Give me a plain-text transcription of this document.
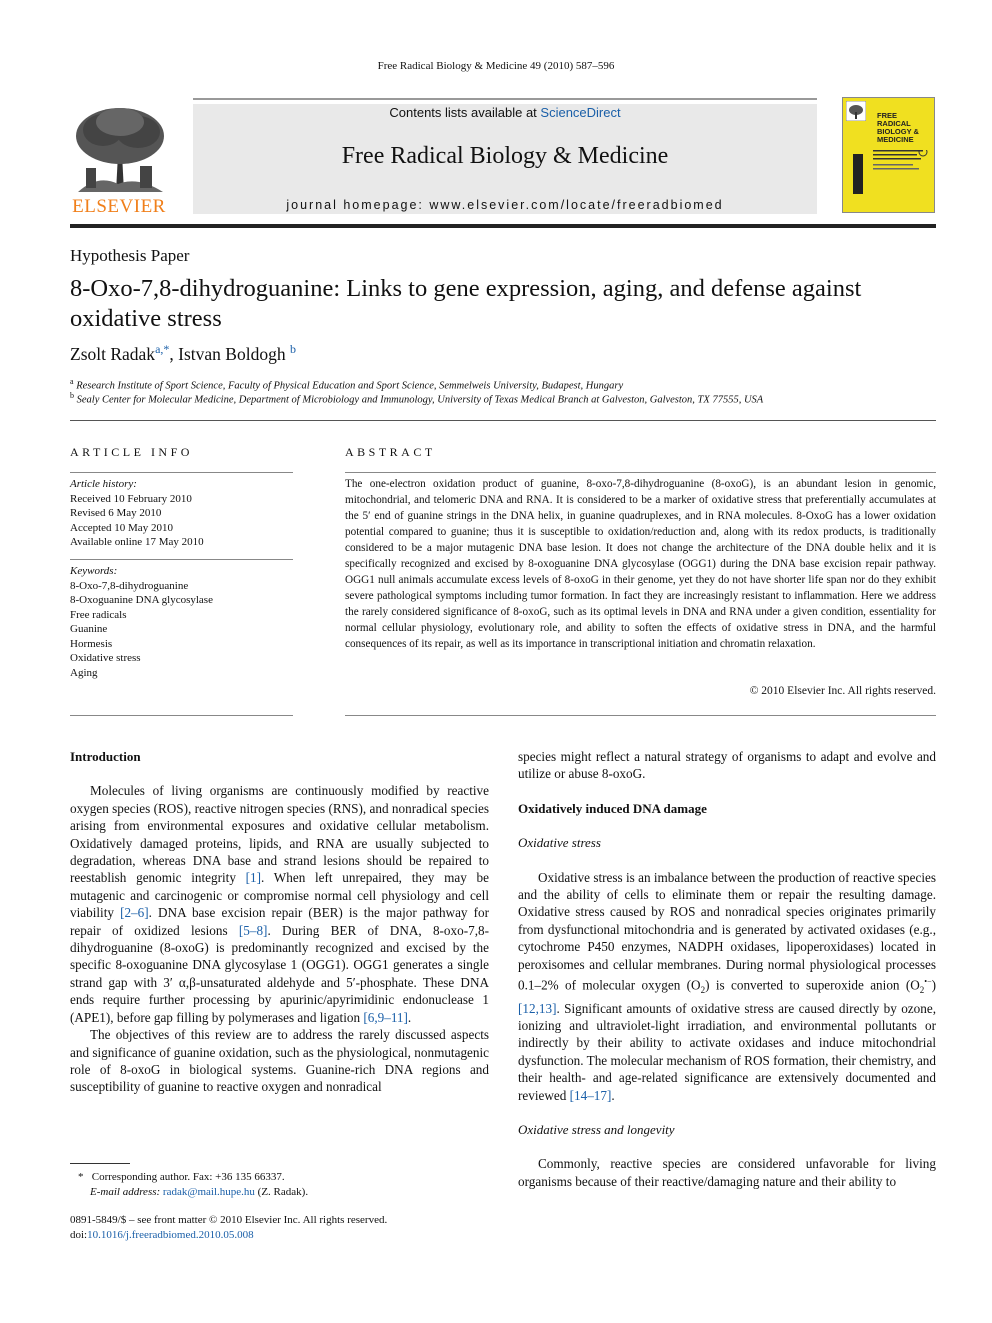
Free Radical Biology & Medicine 49 (2010) 587–596
ELSEVIER
Contents lists available at ScienceDirect
Free Radical Biology & Medicine
journal homepage: www.elsevier.com/locate/freeradbiomed
FREE
RADICAL
BIOLOGY &
MEDICINE
Hypothesis Paper
8-Oxo-7,8-dihydroguanine: Links to gene expression, aging, and defense against oxidative stress
Zsolt Radak$^{a,*}$, Istvan Boldogh $^b$
$^a$ Research Institute of Sport Science, Faculty of Physical Education and Sport Science, Semmelweis University, Budapest, Hungary
$^b$ Sealy Center for Molecular Medicine, Department of Microbiology and Immunology, University of Texas Medical Branch at Galveston, Galveston, TX 77555, USA
ARTICLE INFO
Article history:
Received 10 February 2010
Revised 6 May 2010
Accepted 10 May 2010
Available online 17 May 2010
Keywords:
8-Oxo-7,8-dihydroguanine
8-Oxoguanine DNA glycosylase
Free radicals
Guanine
Hormesis
Oxidative stress
Aging
ABSTRACT
The one-electron oxidation product of guanine, 8-oxo-7,8-dihydroguanine (8-oxoG), is an abundant lesion in genomic, mitochondrial, and telomeric DNA and RNA. It is considered to be a marker of oxidative stress that preferentially accumulates at the 5′ end of guanine strings in the DNA helix, in guanine quadruplexes, and in RNA molecules. 8-OxoG has a lower oxidation potential compared to guanine; thus it is susceptible to oxidation/reduction and, along with its redox products, is traditionally considered to be a major mutagenic DNA base lesion. It does not change the architecture of the DNA double helix and it is specifically recognized and excised by 8-oxoguanine DNA glycosylase (OGG1) during the DNA base excision repair pathway. OGG1 null animals accumulate excess levels of 8-oxoG in their genome, yet they do not have shorter life span nor do they exhibit severe pathological symptoms including tumor formation. In fact they are increasingly resistant to inflammation. Here we address the rarely considered significance of 8-oxoG, such as its optimal levels in DNA and RNA under a given condition, essentiality for normal cellular physiology, evolutionary role, and ability to soften the effects of oxidative stress in DNA, and the harmful consequences of its repair, as well as its importance in transcriptional initiation and chromatin relaxation.
© 2010 Elsevier Inc. All rights reserved.

Introduction

Molecules of living organisms are continuously modified by reactive oxygen species (ROS), reactive nitrogen species (RNS), and nonradical species arising from environmental exposures and oxidative cellular metabolism. Oxidatively damaged proteins, lipids, and RNA are usually subjected to degradation, whereas DNA base and strand lesions should be repaired to reestablish genomic integrity [1]. When left unrepaired, they may be mutagenic and carcinogenic or compromise normal cell physiology and cell viability [2–6]. DNA base excision repair (BER) is the major pathway for repair of oxidized lesions [5–8]. During BER of DNA, 8-oxo-7,8-dihydroguanine (8-oxoG) is predominantly recognized and excised by the specific 8-oxoguanine DNA glycosylase 1 (OGG1). OGG1 generates a single strand gap with 3′ α,β-unsaturated aldehyde and 5′-phosphate. These DNA ends require further processing by apurinic/apyrimidinic endonuclease 1 (APE1), before gap filling by polymerases and ligation [6,9–11].

The objectives of this review are to address the rarely discussed aspects and significance of guanine oxidation, such as the physiological, nonmutagenic role of 8-oxoG in biological systems. Guanine-rich DNA regions and susceptibility of guanine to reactive oxygen and nonradical

species might reflect a natural strategy of organisms to adapt and evolve and utilize or abuse 8-oxoG.

Oxidatively induced DNA damage

Oxidative stress

Oxidative stress is an imbalance between the production of reactive species and the ability of cells to eliminate them or repair the resulting damage. Oxidative stress caused by ROS and nonradical species originates primarily from dysfunctional mitochondria and is generated by activated oxidases (e.g., cytochrome P450 enzymes, NADPH oxidases, lipoperoxidases) located in peroxisomes and cellular membranes. During normal physiological processes 0.1–2% of molecular oxygen $(O_2)$ is converted to superoxide anion $(O_2^{•-})$ [12,13]. Significant amounts of oxidative stress are caused directly by ozone, ionizing and ultraviolet-light irradiation, and environmental pollutants or indirectly by their ability to activate oxidases and induce mitochondrial dysfunction. The molecular mechanism of ROS formation, their chemistry, and their health- and age-related significance are extensively documented and reviewed [14–17].

Oxidative stress and longevity

Commonly, reactive species are considered unfavorable for living organisms because of their reactive/damaging nature and their ability to

* Corresponding author. Fax: +36 135 66337.
E-mail address: radak@mail.hupe.hu (Z. Radak).
0891-5849/$ – see front matter © 2010 Elsevier Inc. All rights reserved.
doi:10.1016/j.freeradbiomed.2010.05.008
